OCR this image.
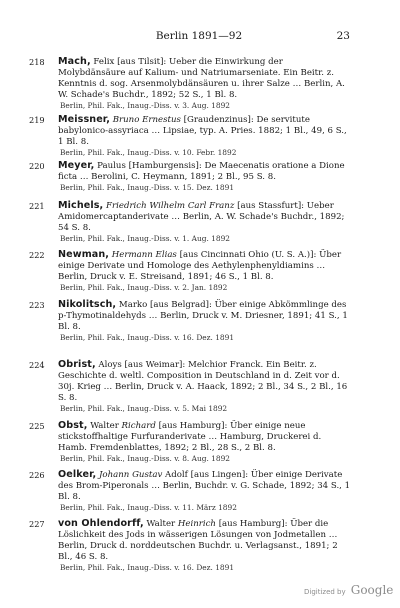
Berlin 1891—92	23
218	Mach, Felix [aus Tilsit]: Ueber die Einwirkung der Molybdänsäure auf Kalium- und Natriumarseniate. Ein Beitr. z. Kenntnis d. sog. Arsenmolybdänsäuren u. ihrer Salze … Berlin, A. W. Schade's Buchdr., 1892; 52 S., 1 Bl. 8.
Berlin, Phil. Fak., Inaug.-Diss. v. 3. Aug. 1892
219	Meissner, Bruno Ernestus [Graudenzinus]: De servitute babylonico-assyriaca … Lipsiae, typ. A. Pries. 1882; 1 Bl., 49, 6 S., 1 Bl. 8.
Berlin, Phil. Fak., Inaug.-Diss. v. 10. Febr. 1892
220	Meyer, Paulus [Hamburgensis]: De Maecenatis oratione a Dione ficta … Berolini, C. Heymann, 1891; 2 Bl., 95 S. 8.
Berlin, Phil. Fak., Inaug.-Diss. v. 15. Dez. 1891
221	Michels, Friedrich Wilhelm Carl Franz [aus Stassfurt]: Ueber Amidomercaptanderivate … Berlin, A. W. Schade's Buchdr., 1892; 54 S. 8.
Berlin, Phil. Fak., Inaug.-Diss. v. 1. Aug. 1892
222	Newman, Hermann Elias [aus Cincinnati Ohio (U. S. A.)]: Über einige Derivate und Homologe des Aethylenphenyldiamins … Berlin, Druck v. E. Streisand, 1891; 46 S., 1 Bl. 8.
Berlin, Phil. Fak., Inaug.-Diss. v. 2. Jan. 1892
223	Nikolitsch, Marko [aus Belgrad]: Über einige Abkömmlinge des p-Thymotinaldehyds … Berlin, Druck v. M. Driesner, 1891; 41 S., 1 Bl. 8.
Berlin, Phil. Fak., Inaug.-Diss. v. 16. Dez. 1891
224	Obrist, Aloys [aus Weimar]: Melchior Franck. Ein Beitr. z. Geschichte d. weltl. Composition in Deutschland in d. Zeit vor d. 30j. Krieg … Berlin, Druck v. A. Haack, 1892; 2 Bl., 34 S., 2 Bl., 16 S. 8.
Berlin, Phil. Fak., Inaug.-Diss. v. 5. Mai 1892
225	Obst, Walter Richard [aus Hamburg]: Über einige neue stickstoffhaltige Furfuranderivate … Hamburg, Druckerei d. Hamb. Fremdenblattes, 1892; 2 Bl., 28 S., 2 Bl. 8.
Berlin, Phil. Fak., Inaug.-Diss. v. 8. Aug. 1892
226	Oelker, Johann Gustav Adolf [aus Lingen]: Über einige Derivate des Brom-Piperonals … Berlin, Buchdr. v. G. Schade, 1892; 34 S., 1 Bl. 8.
Berlin, Phil. Fak., Inaug.-Diss. v. 11. März 1892
227	von Ohlendorff, Walter Heinrich [aus Hamburg]: Über die Löslichkeit des Jods in wässerigen Lösungen von Jodmetallen … Berlin, Druck d. norddeutschen Buchdr. u. Verlagsanst., 1891; 2 Bl., 46 S. 8.
Berlin, Phil. Fak., Inaug.-Diss. v. 16. Dez. 1891
Digitized by Google
